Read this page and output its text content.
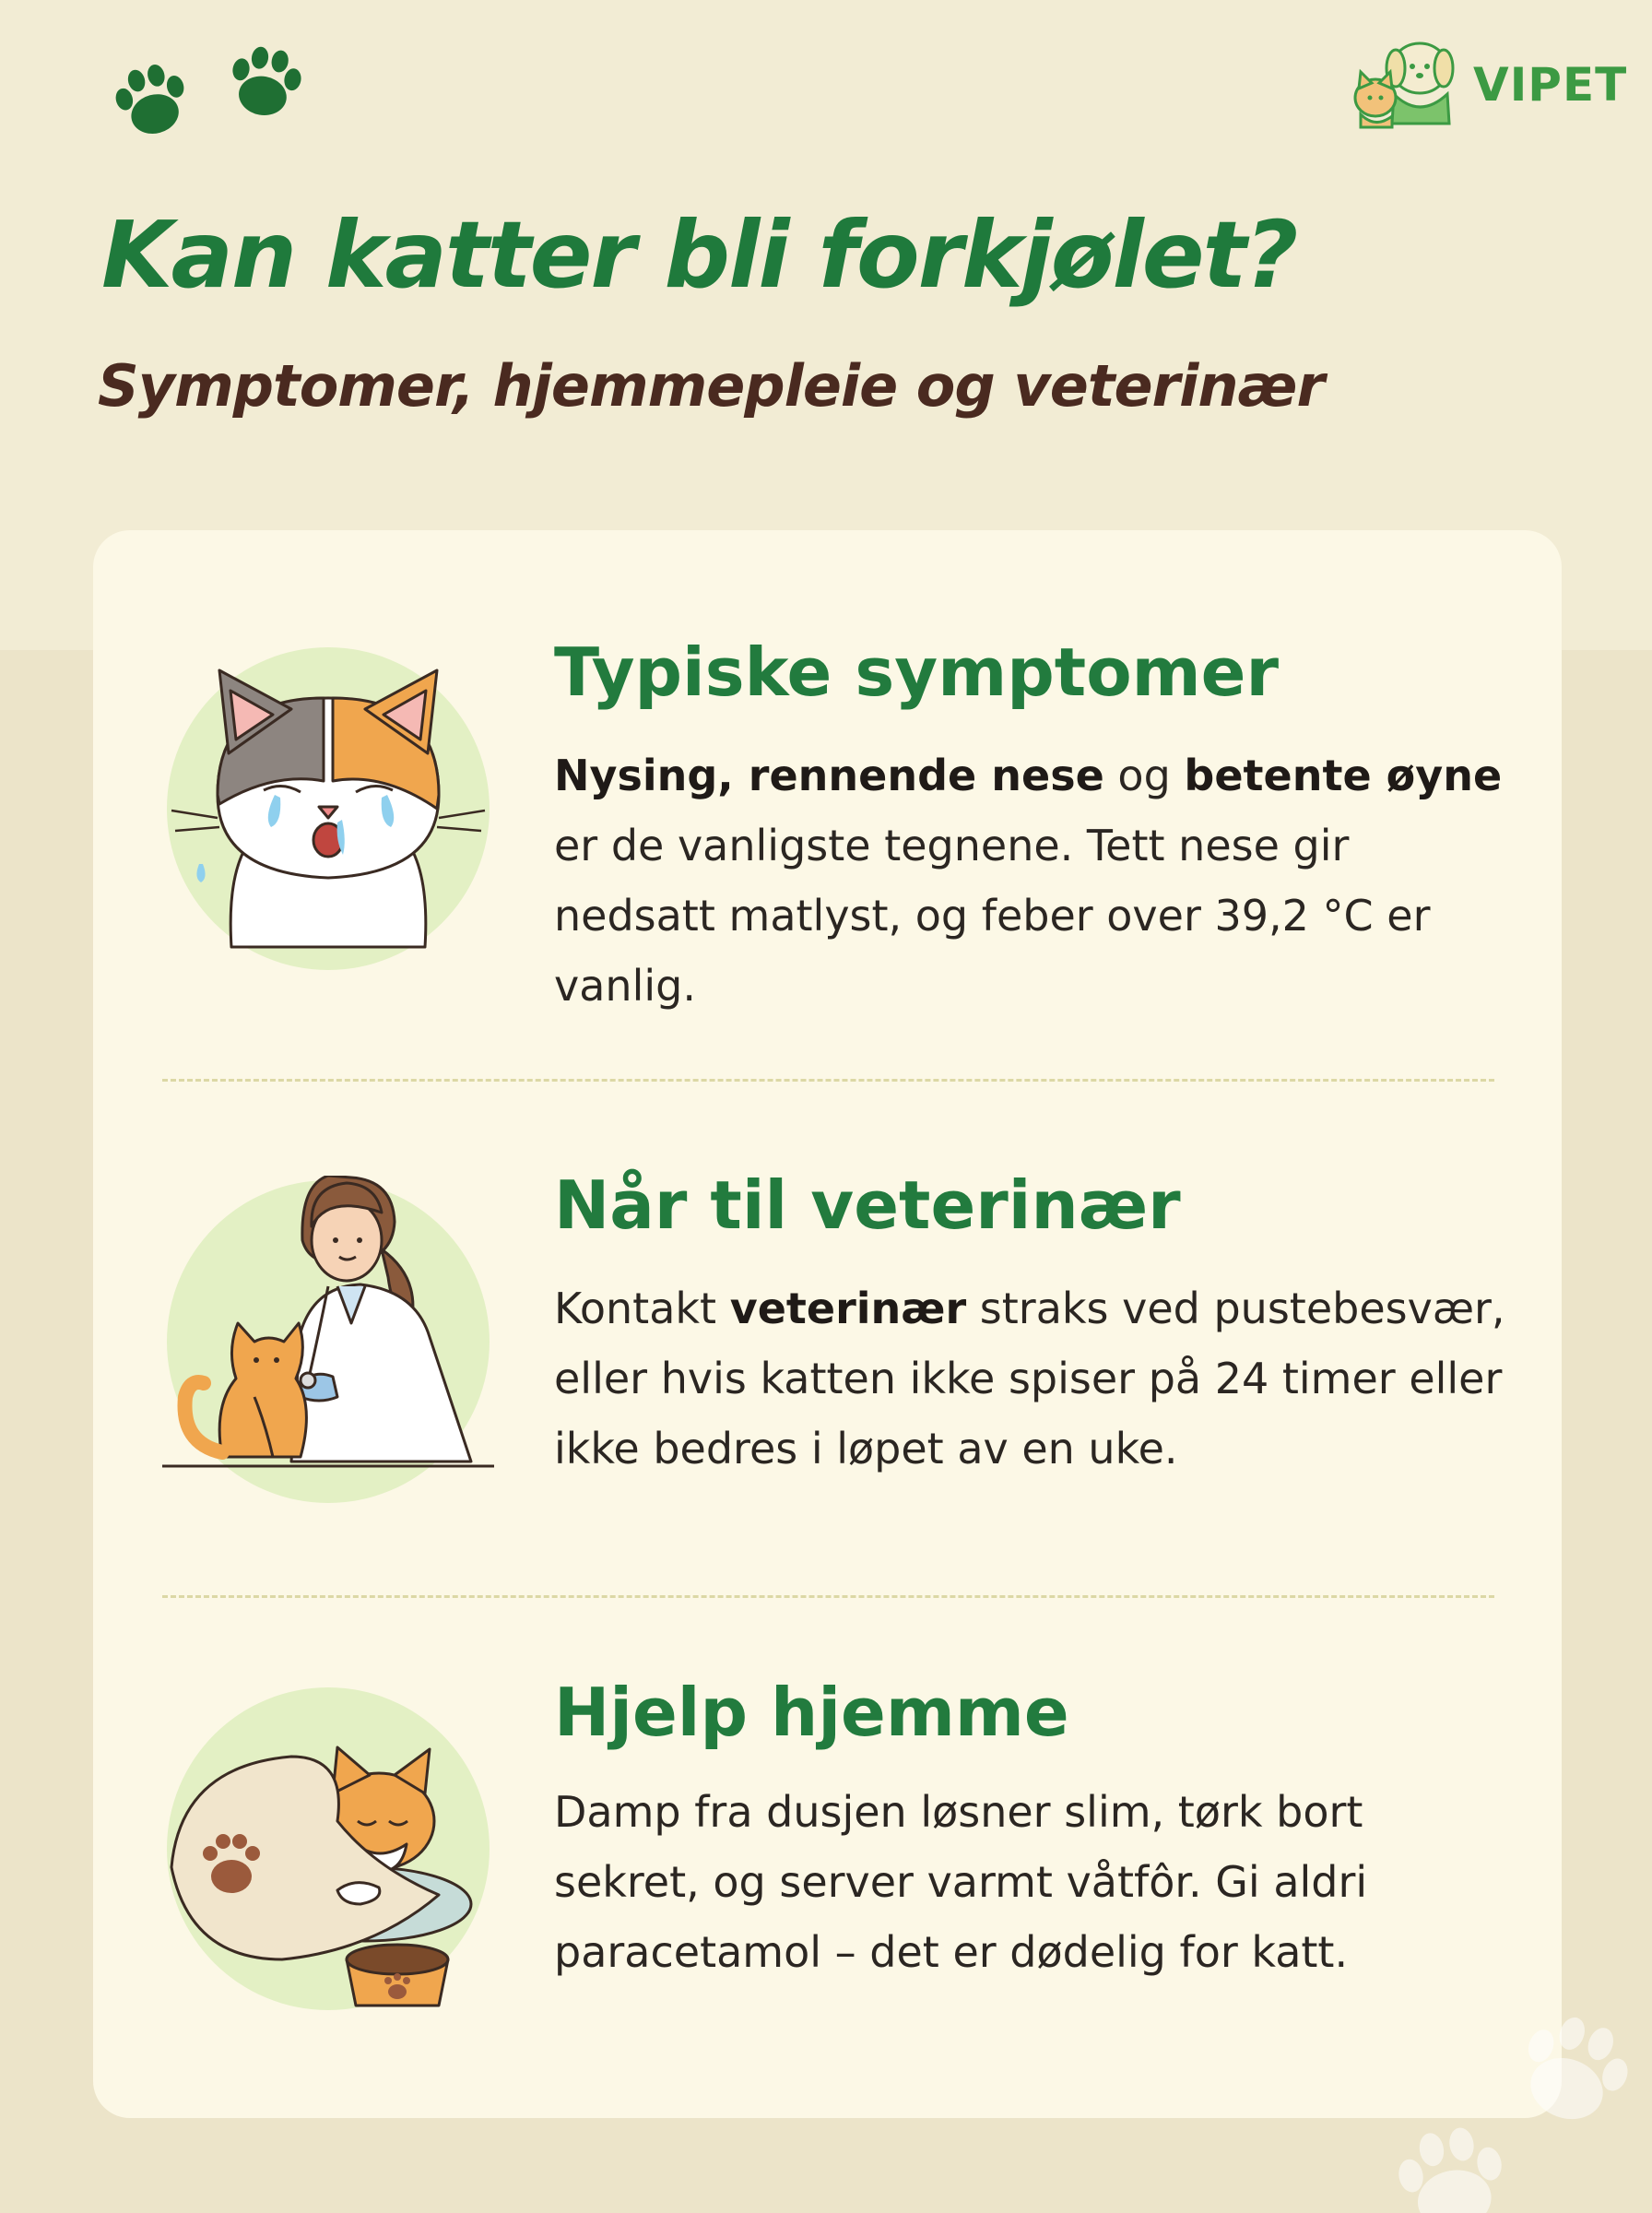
VIPET
Kan katter bli forkjølet?
Symptomer, hjemmepleie og veterinær
Typiske symptomer
Nysing, rennende nese og betente øyne er de vanligste tegnene. Tett nese gir nedsatt matlyst, og feber over 39,2 °C er vanlig.
Når til veterinær
Kontakt veterinær straks ved pustebesvær, eller hvis katten ikke spiser på 24 timer eller ikke bedres i løpet av en uke.
Hjelp hjemme
Damp fra dusjen løsner slim, tørk bort sekret, og server varmt våtfôr. Gi aldri paracetamol – det er dødelig for katt.
